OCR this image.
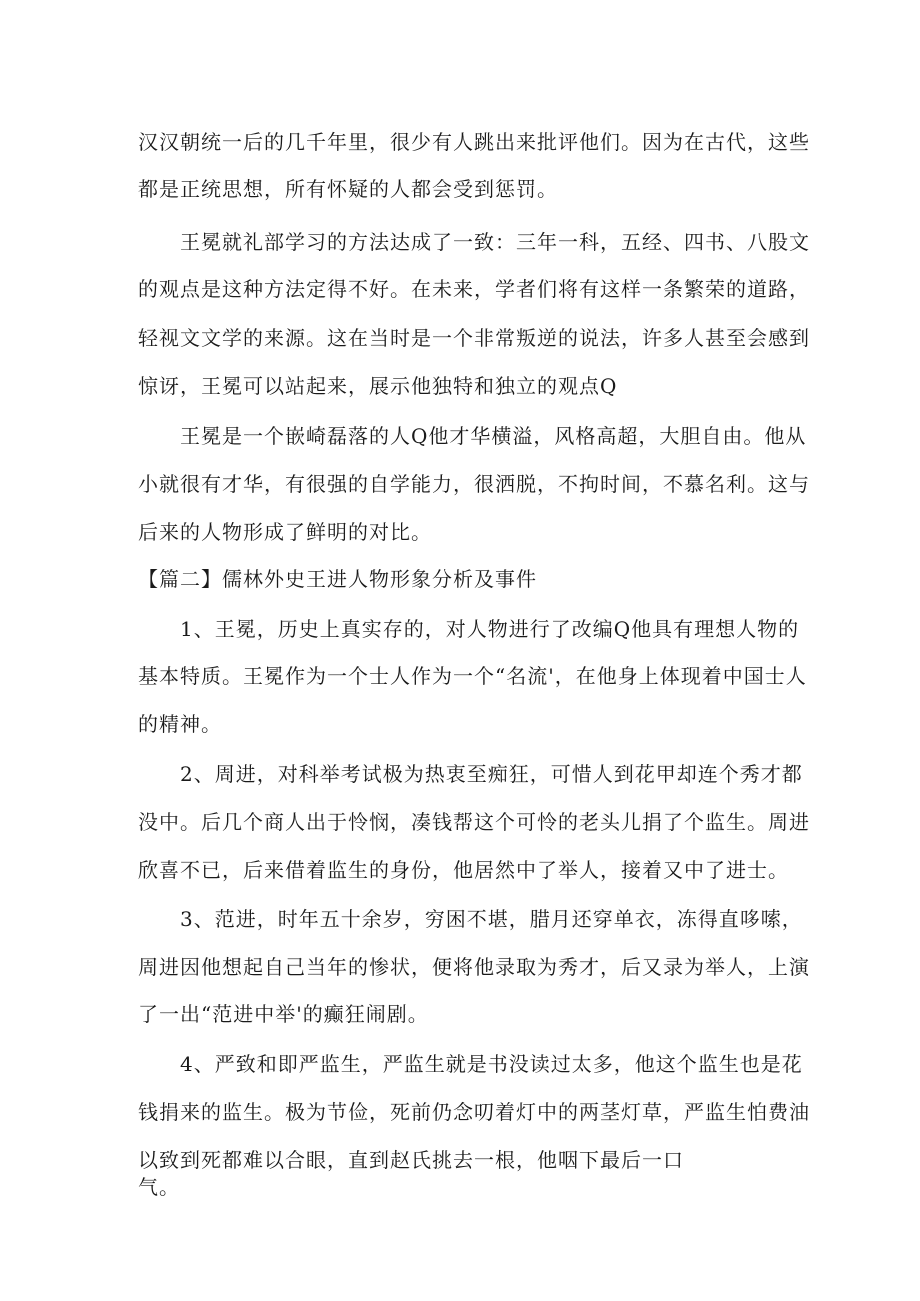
汉汉朝统一后的几千年里，很少有人跳出来批评他们。因为在古代，这些
都是正统思想，所有怀疑的人都会受到惩罚。
王冕就礼部学习的方法达成了一致：三年一科，五经、四书、八股文
的观点是这种方法定得不好。在未来，学者们将有这样一条繁荣的道路，
轻视文文学的来源。这在当时是一个非常叛逆的说法，许多人甚至会感到
惊讶，王冕可以站起来，展示他独特和独立的观点Q
王冕是一个嵌崎磊落的人Q他才华横溢，风格高超，大胆自由。他从
小就很有才华，有很强的自学能力，很洒脱，不拘时间，不慕名利。这与
后来的人物形成了鲜明的对比。
【篇二】儒林外史王进人物形象分析及事件
1、王冕，历史上真实存的，对人物进行了改编Q他具有理想人物的
基本特质。王冕作为一个士人作为一个“名流'，在他身上体现着中国士人
的精神。
2、周进，对科举考试极为热衷至痴狂，可惜人到花甲却连个秀才都
没中。后几个商人出于怜悯，凑钱帮这个可怜的老头儿捐了个监生。周进
欣喜不已，后来借着监生的身份，他居然中了举人，接着又中了进士。
3、范进，时年五十余岁，穷困不堪，腊月还穿单衣，冻得直哆嗦，
周进因他想起自己当年的惨状，便将他录取为秀才，后又录为举人，上演
了一出“范进中举'的癫狂闹剧。
4、严致和即严监生，严监生就是书没读过太多，他这个监生也是花
钱捐来的监生。极为节俭，死前仍念叨着灯中的两茎灯草，严监生怕费油
以致到死都难以合眼，直到赵氏挑去一根，他咽下最后一口
气。
